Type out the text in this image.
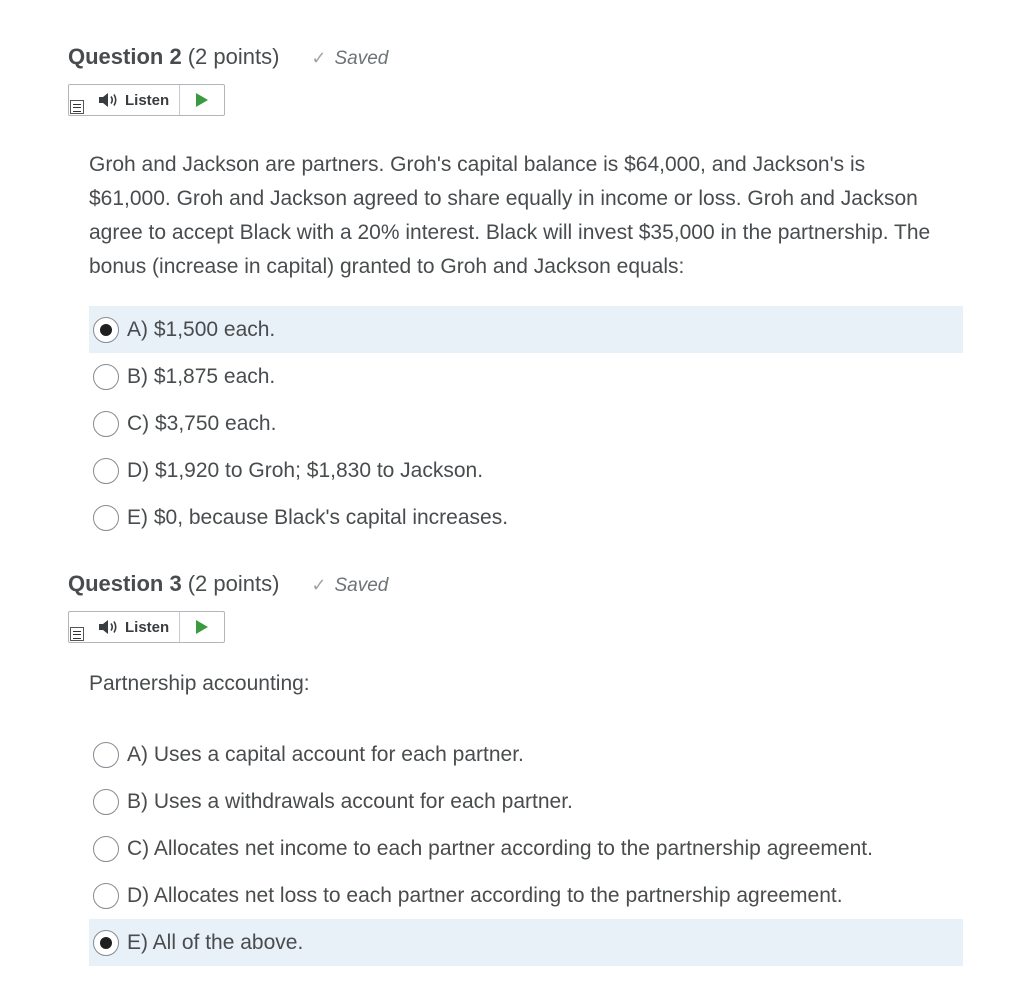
Question 2 (2 points) ✓ Saved
Listen
Groh and Jackson are partners. Groh's capital balance is $64,000, and Jackson's is $61,000. Groh and Jackson agreed to share equally in income or loss. Groh and Jackson agree to accept Black with a 20% interest. Black will invest $35,000 in the partnership. The bonus (increase in capital) granted to Groh and Jackson equals:
A) $1,500 each.
B) $1,875 each.
C) $3,750 each.
D) $1,920 to Groh; $1,830 to Jackson.
E) $0, because Black's capital increases.
Question 3 (2 points) ✓ Saved
Listen
Partnership accounting:
A) Uses a capital account for each partner.
B) Uses a withdrawals account for each partner.
C) Allocates net income to each partner according to the partnership agreement.
D) Allocates net loss to each partner according to the partnership agreement.
E) All of the above.
